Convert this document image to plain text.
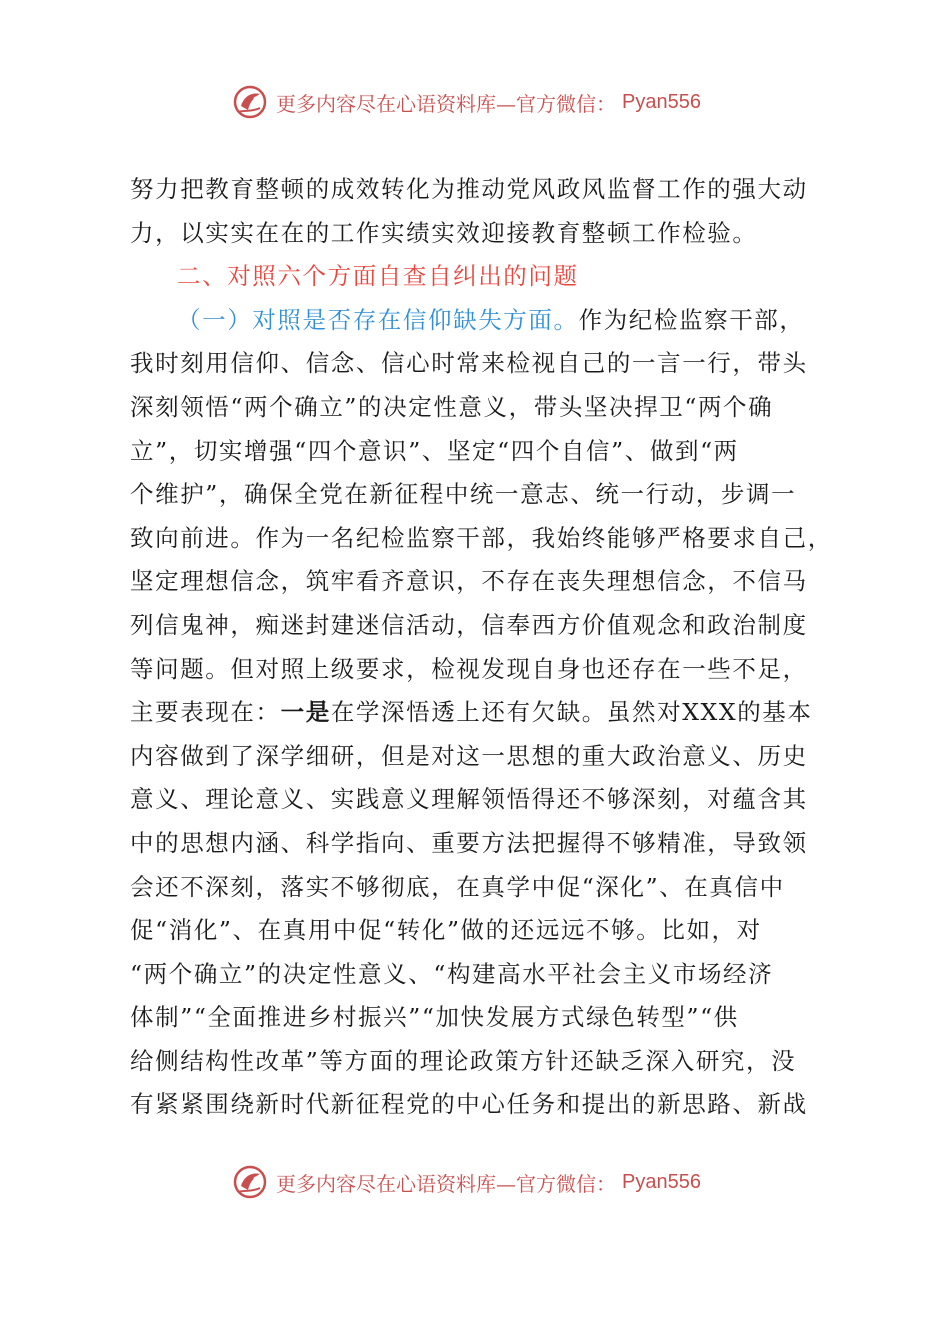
更多内容尽在心语资料库—官方微信： Pyan556
努力把教育整顿的成效转化为推动党风政风监督工作的强大动
力，以实实在在的工作实绩实效迎接教育整顿工作检验。
二、对照六个方面自查自纠出的问题
（一）对照是否存在信仰缺失方面。作为纪检监察干部，
我时刻用信仰、信念、信心时常来检视自己的一言一行，带头
深刻领悟“两个确立”的决定性意义，带头坚决捍卫“两个确
立”，切实增强“四个意识”、坚定“四个自信”、做到“两
个维护”，确保全党在新征程中统一意志、统一行动，步调一
致向前进。作为一名纪检监察干部，我始终能够严格要求自己，
坚定理想信念，筑牢看齐意识，不存在丧失理想信念，不信马
列信鬼神，痴迷封建迷信活动，信奉西方价值观念和政治制度
等问题。但对照上级要求，检视发现自身也还存在一些不足，
主要表现在：一是在学深悟透上还有欠缺。虽然对XXX的基本
内容做到了深学细研，但是对这一思想的重大政治意义、历史
意义、理论意义、实践意义理解领悟得还不够深刻，对蕴含其
中的思想内涵、科学指向、重要方法把握得不够精准，导致领
会还不深刻，落实不够彻底，在真学中促“深化”、在真信中
促“消化”、在真用中促“转化”做的还远远不够。比如，对
“两个确立”的决定性意义、“构建高水平社会主义市场经济
体制”“全面推进乡村振兴”“加快发展方式绿色转型”“供
给侧结构性改革”等方面的理论政策方针还缺乏深入研究，没
有紧紧围绕新时代新征程党的中心任务和提出的新思路、新战
更多内容尽在心语资料库—官方微信： Pyan556
